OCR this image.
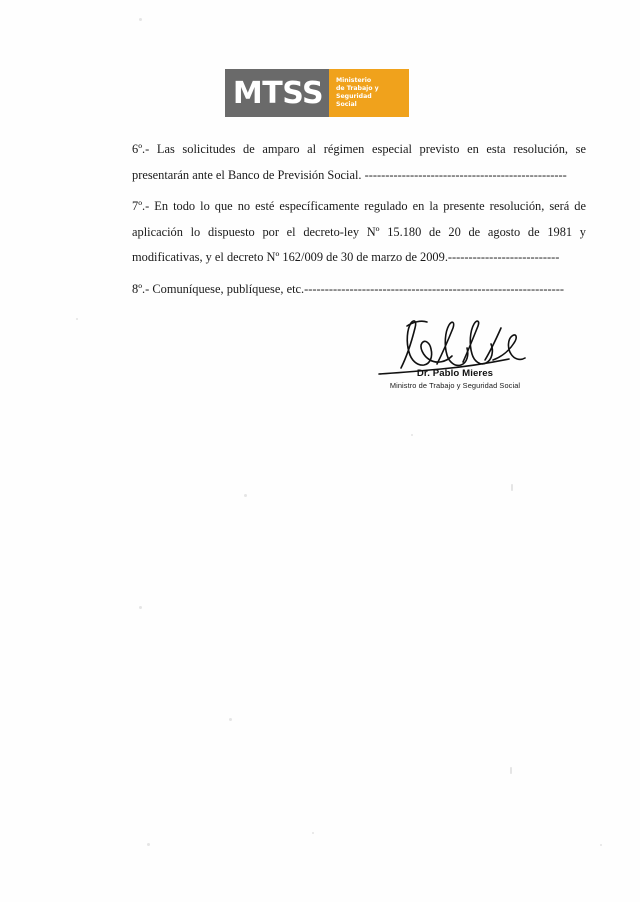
MTSS	Ministerio
de Trabajo y
Seguridad
Social

6º.- Las solicitudes de amparo al régimen especial previsto en esta resolución, se presentarán ante el Banco de Previsión Social. -------------------------------------------------

7º.- En todo lo que no esté específicamente regulado en la presente resolución, será de aplicación lo dispuesto por el decreto-ley Nº 15.180 de 20 de agosto de 1981 y modificativas, y el decreto Nº 162/009 de 30 de marzo de 2009.---------------------------

8º.- Comuníquese, publíquese, etc.---------------------------------------------------------------

Dr. Pablo Mieres
Ministro de Trabajo y Seguridad Social
